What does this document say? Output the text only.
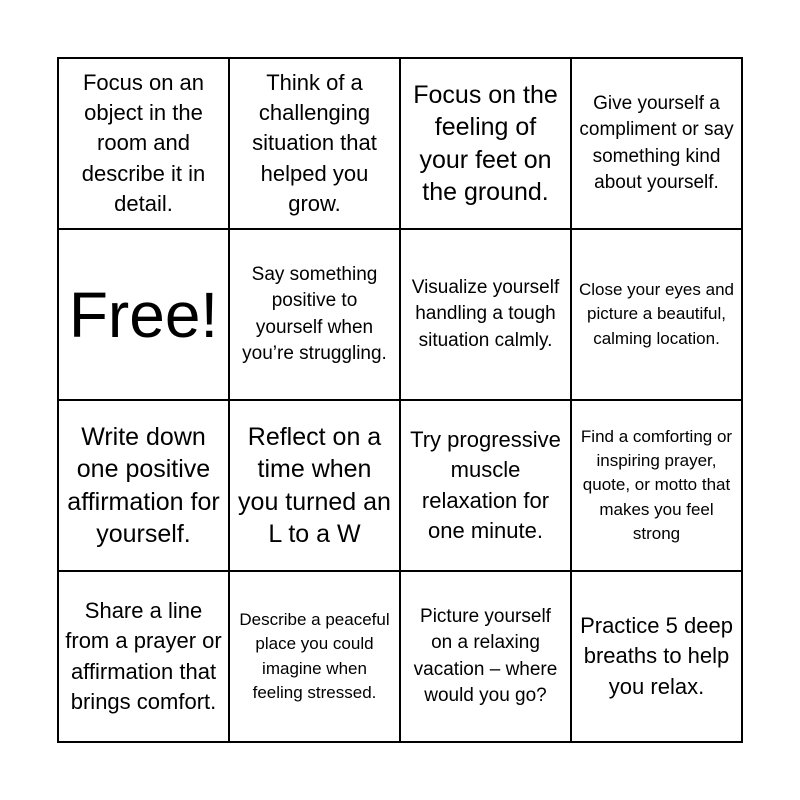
Focus on an object in the room and describe it in detail.
Think of a challenging situation that helped you grow.
Focus on the feeling of your feet on the ground.
Give yourself a compliment or say something kind about yourself.
Free!
Say something positive to yourself when you’re struggling.
Visualize yourself handling a tough situation calmly.
Close your eyes and picture a beautiful, calming location.
Write down one positive affirmation for yourself.
Reflect on a time when you turned an L to a W
Try progressive muscle relaxation for one minute.
Find a comforting or inspiring prayer, quote, or motto that makes you feel strong
Share a line from a prayer or affirmation that brings comfort.
Describe a peaceful place you could imagine when feeling stressed.
Picture yourself on a relaxing vacation – where would you go?
Practice 5 deep breaths to help you relax.
